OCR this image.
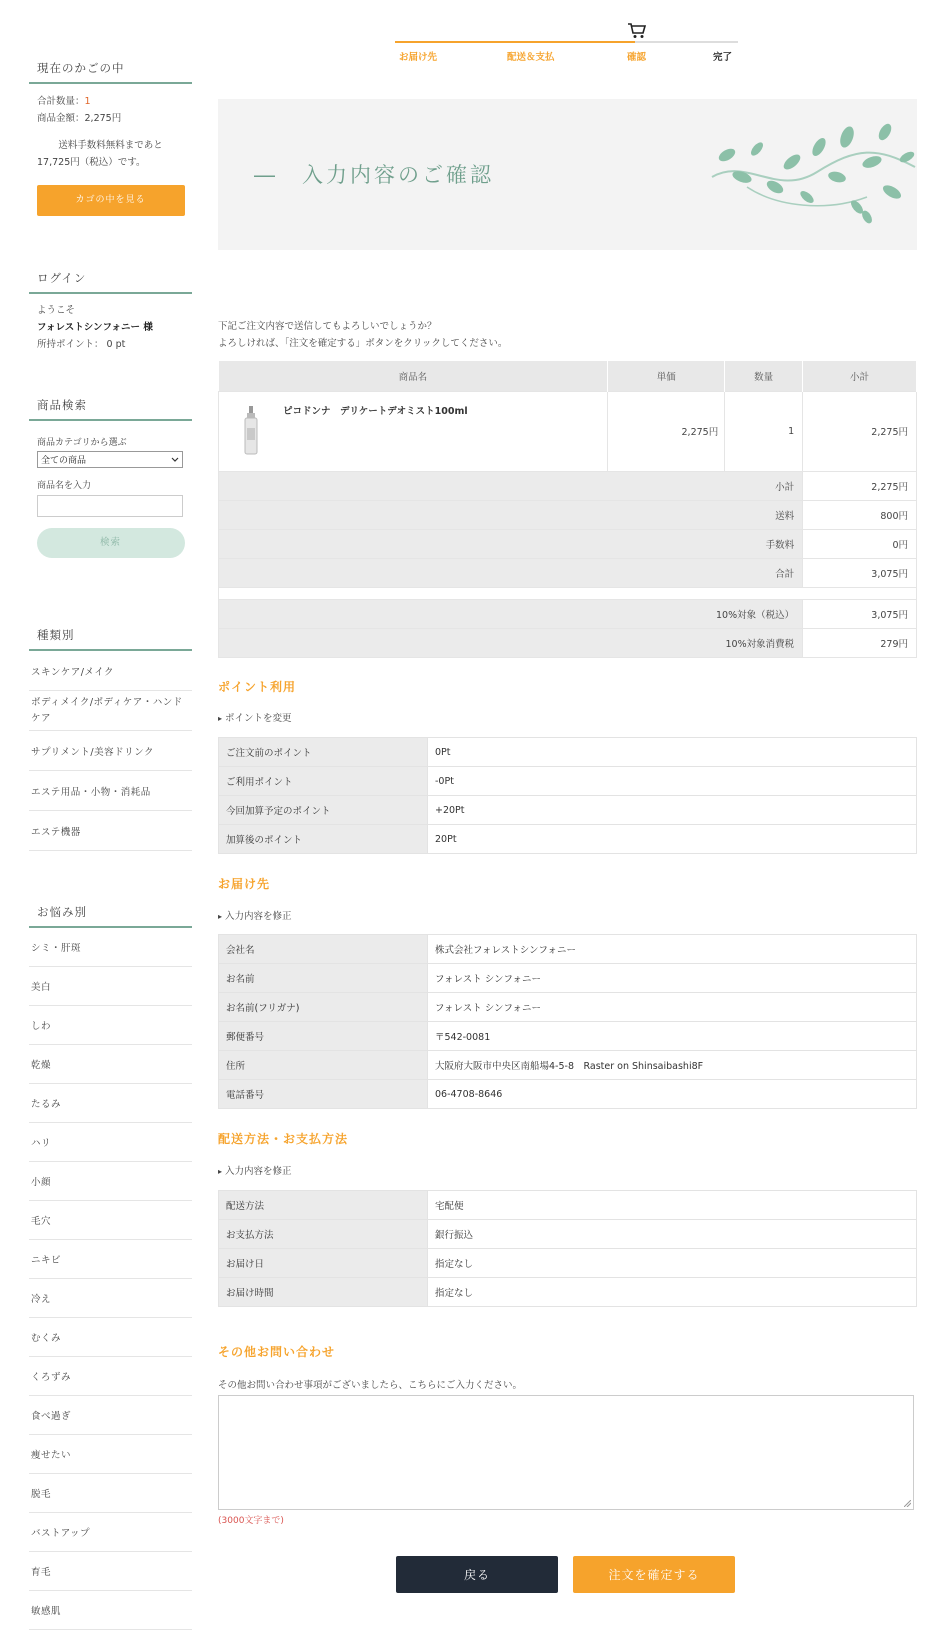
現在のかごの中
合計数量：1
商品金額：2,275円
送料手数料無料まであと
17,725円（税込）です。
カゴの中を見る
ログイン
ようこそ
フォレストシンフォニー 様
所持ポイント： 0 pt
商品検索
商品カテゴリから選ぶ
全ての商品
商品名を入力
検索
種類別
スキンケア/メイク
ボディメイク/ボディケア・ハンドケア
サプリメント/美容ドリンク
エステ用品・小物・消耗品
エステ機器
お悩み別
シミ・肝斑
美白
しわ
乾燥
たるみ
ハリ
小顔
毛穴
ニキビ
冷え
むくみ
くろずみ
食べ過ぎ
痩せたい
脱毛
バストアップ
育毛
敏感肌
お届け先	配送＆支払	確認	完了
―　入力内容のご確認
下記ご注文内容で送信してもよろしいでしょうか？
よろしければ、「注文を確定する」ボタンをクリックしてください。
商品名	単価	数量	小計

ピコドンナ　デリケートデオミスト100ml	2,275円	1	2,275円
小計			2,275円
送料			800円
手数料			0円
合計			3,075円

10%対象（税込）			3,075円
10%対象消費税			279円
ポイント利用
▸ ポイントを変更
ご注文前のポイント	0Pt
ご利用ポイント	-0Pt
今回加算予定のポイント	+20Pt
加算後のポイント	20Pt
お届け先
▸ 入力内容を修正
会社名	株式会社フォレストシンフォニー
お名前	フォレスト シンフォニー
お名前(フリガナ)	フォレスト シンフォニー
郵便番号	〒542-0081
住所	大阪府大阪市中央区南船場4-5-8　Raster on Shinsaibashi8F
電話番号	06-4708-8646
配送方法・お支払方法
▸ 入力内容を修正
配送方法	宅配便
お支払方法	銀行振込
お届け日	指定なし
お届け時間	指定なし
その他お問い合わせ
その他お問い合わせ事項がございましたら、こちらにご入力ください。
(3000文字まで)
戻る	注文を確定する
